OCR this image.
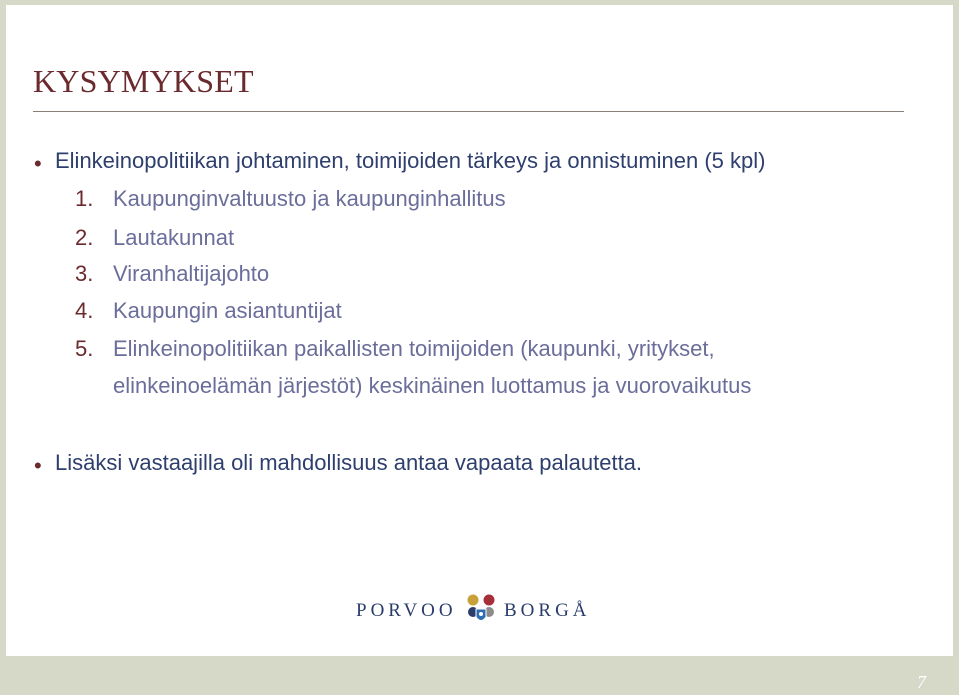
KYSYMYKSET
• Elinkeinopolitiikan johtaminen, toimijoiden tärkeys ja onnistuminen (5 kpl)
1. Kaupunginvaltuusto ja kaupunginhallitus
2. Lautakunnat
3. Viranhaltijajohto
4. Kaupungin asiantuntijat
5. Elinkeinopolitiikan paikallisten toimijoiden (kaupunki, yritykset,
elinkeinoelämän järjestöt) keskinäinen luottamus ja vuorovaikutus
• Lisäksi vastaajilla oli mahdollisuus antaa vapaata palautetta.
PORVOO BORGÅ
7
